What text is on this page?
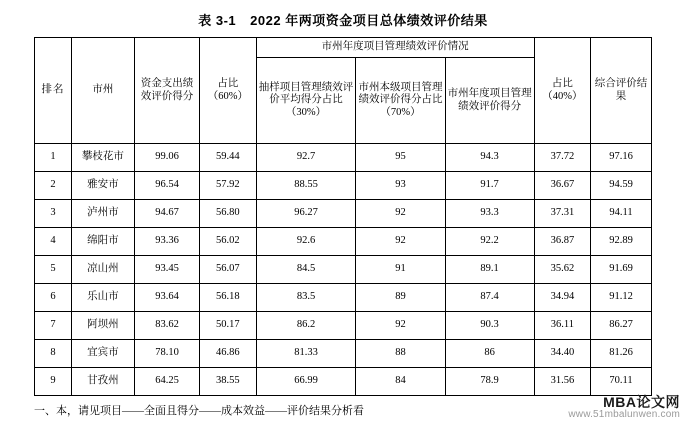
表 3-1 2022 年两项资金项目总体绩效评价结果
排名	市州	资金支出绩效评价得分	占比（60%）	市州年度项目管理绩效评价情况			占比（40%）	综合评价结果
				抽样项目管理绩效评价平均得分占比（30%）	市州本级项目管理绩效评价得分占比（70%）	市州年度项目管理绩效评价得分		
1	攀枝花市	99.06	59.44	92.7	95	94.3	37.72	97.16
2	雅安市	96.54	57.92	88.55	93	91.7	36.67	94.59
3	泸州市	94.67	56.80	96.27	92	93.3	37.31	94.11
4	绵阳市	93.36	56.02	92.6	92	92.2	36.87	92.89
5	凉山州	93.45	56.07	84.5	91	89.1	35.62	91.69
6	乐山市	93.64	56.18	83.5	89	87.4	34.94	91.12
7	阿坝州	83.62	50.17	86.2	92	90.3	36.11	86.27
8	宜宾市	78.10	46.86	81.33	88	86	34.40	81.26
9	甘孜州	64.25	38.55	66.99	84	78.9	31.56	70.11
一、本，请见项目——全面且得分——成本效益——评价结果分析看
MBA论文网
www.51mbalunwen.com
